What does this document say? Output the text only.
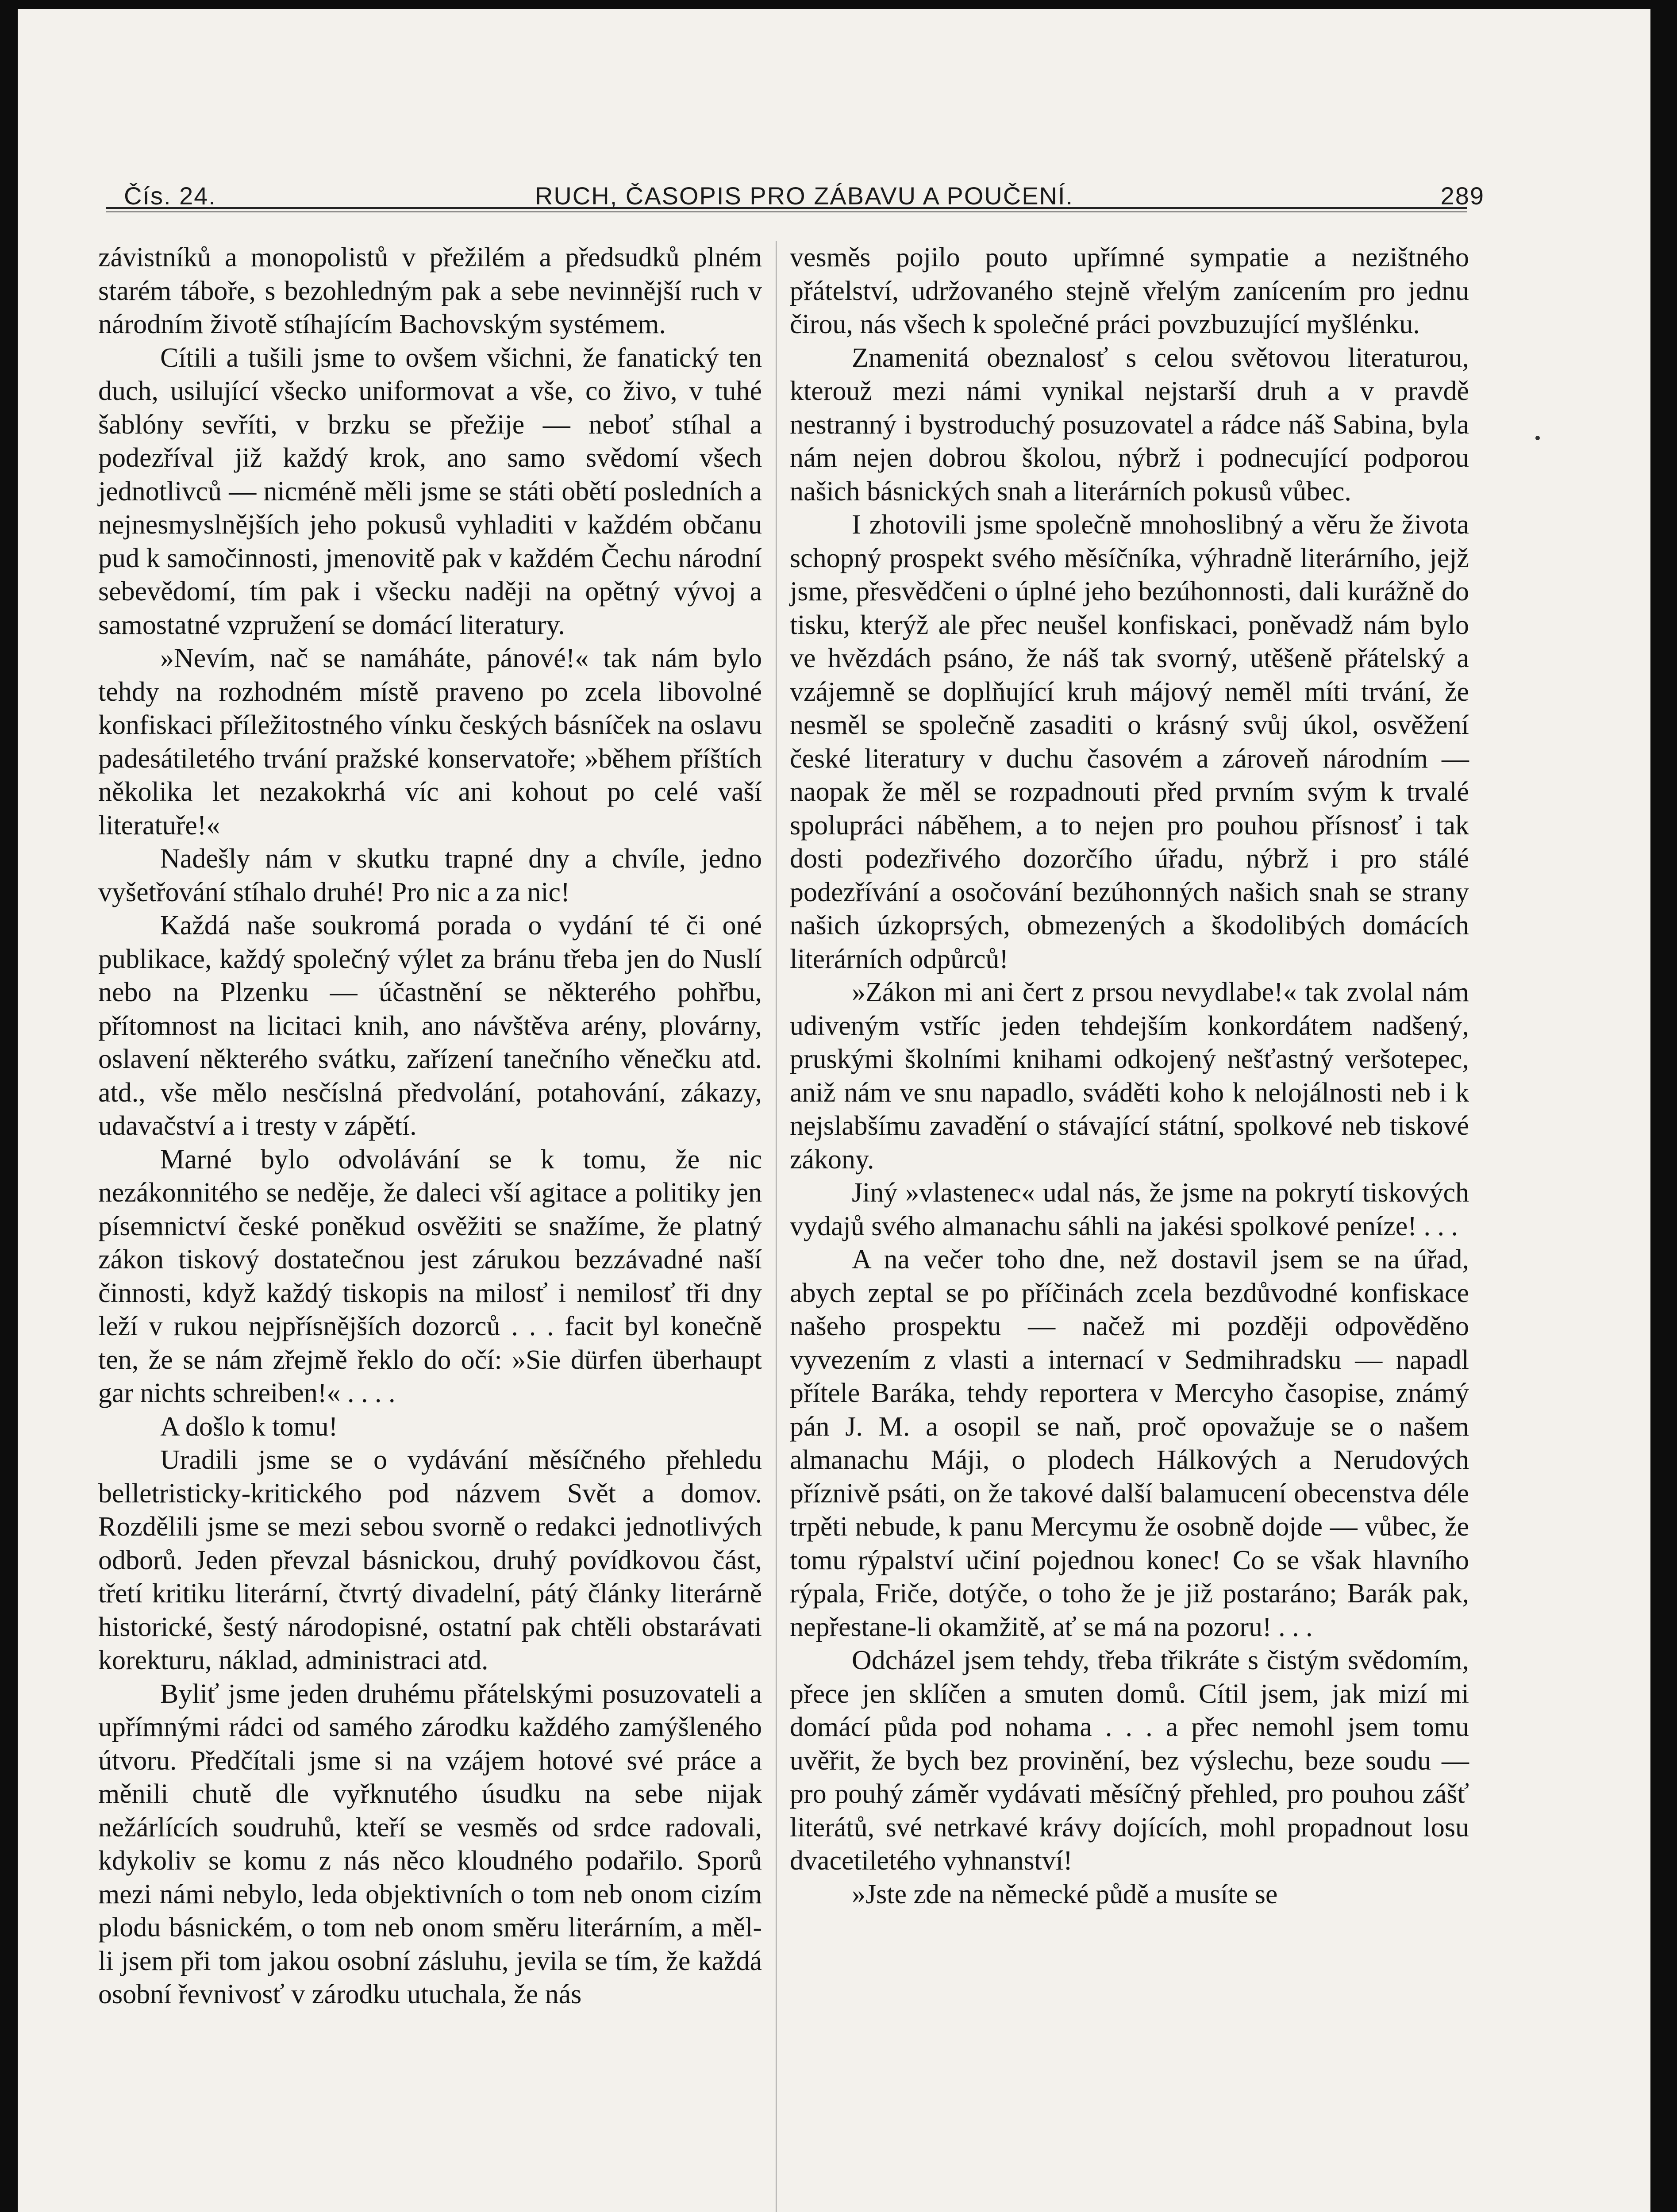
Čís. 24.	RUCH, ČASOPIS PRO ZÁBAVU A POUČENÍ.	289

závistníků a monopolistů v přežilém a předsudků plném starém táboře, s bezohledným pak a sebe nevinnější ruch v národním životě stíhajícím Bachovským systémem.

Cítili a tušili jsme to ovšem všichni, že fanatický ten duch, usilující všecko uniformovat a vše, co živo, v tuhé šablóny sevříti, v brzku se přežije — neboť stíhal a podezříval již každý krok, ano samo svědomí všech jednotlivců — nicméně měli jsme se státi obětí posledních a nejnesmyslnějších jeho pokusů vyhladiti v každém občanu pud k samočinnosti, jmenovitě pak v každém Čechu národní sebevědomí, tím pak i všecku naději na opětný vývoj a samostatné vzpružení se domácí literatury.

»Nevím, nač se namáháte, pánové!« tak nám bylo tehdy na rozhodném místě praveno po zcela libovolné konfiskaci příležitostného vínku českých básníček na oslavu padesátiletého trvání pražské konservatoře; »během příštích několika let nezakokrhá víc ani kohout po celé vaší literatuře!«

Nadešly nám v skutku trapné dny a chvíle, jedno vyšetřování stíhalo druhé! Pro nic a za nic!

Každá naše soukromá porada o vydání té či oné publikace, každý společný výlet za bránu třeba jen do Nuslí nebo na Plzenku — účastnění se některého pohřbu, přítomnost na licitaci knih, ano návštěva arény, plovárny, oslavení některého svátku, zařízení tanečního věnečku atd. atd., vše mělo nesčíslná předvolání, potahování, zákazy, udavačství a i tresty v zápětí.

Marné bylo odvolávání se k tomu, že nic nezákonnitého se neděje, že daleci vší agitace a politiky jen písemnictví české poněkud osvěžiti se snažíme, že platný zákon tiskový dostatečnou jest zárukou bezzávadné naší činnosti, když každý tiskopis na milosť i nemilosť tři dny leží v rukou nejpřísnějších dozorců . . . facit byl konečně ten, že se nám zřejmě řeklo do očí: »Sie dürfen überhaupt gar nichts schreiben!« . . . .

A došlo k tomu!

Uradili jsme se o vydávání měsíčného přehledu belletristicky-kritického pod názvem Svět a domov. Rozdělili jsme se mezi sebou svorně o redakci jednotlivých odborů. Jeden převzal básnickou, druhý povídkovou část, třetí kritiku literární, čtvrtý divadelní, pátý články literárně historické, šestý národopisné, ostatní pak chtěli obstarávati korekturu, náklad, administraci atd.

Byliť jsme jeden druhému přátelskými posuzovateli a upřímnými rádci od samého zárodku každého zamýšleného útvoru. Předčítali jsme si na vzájem hotové své práce a měnili chutě dle vyřknutého úsudku na sebe nijak nežárlících soudruhů, kteří se vesměs od srdce radovali, kdykoliv se komu z nás něco kloudného podařilo. Sporů mezi námi nebylo, leda objektivních o tom neb onom cizím plodu básnickém, o tom neb onom směru literárním, a měl-li jsem při tom jakou osobní zásluhu, jevila se tím, že každá osobní řevnivosť v zárodku utuchala, že nás

vesměs pojilo pouto upřímné sympatie a nezištného přátelství, udržovaného stejně vřelým zanícením pro jednu čirou, nás všech k společné práci povzbuzující myšlénku.

Znamenitá obeznalosť s celou světovou literaturou, kterouž mezi námi vynikal nejstarší druh a v pravdě nestranný i bystroduchý posuzovatel a rádce náš Sabina, byla nám nejen dobrou školou, nýbrž i podnecující podporou našich básnických snah a literárních pokusů vůbec.

I zhotovili jsme společně mnohoslibný a věru že života schopný prospekt svého měsíčníka, výhradně literárního, jejž jsme, přesvědčeni o úplné jeho bezúhonnosti, dali kurážně do tisku, kterýž ale přec neušel konfiskaci, poněvadž nám bylo ve hvězdách psáno, že náš tak svorný, utěšeně přátelský a vzájemně se doplňující kruh májový neměl míti trvání, že nesměl se společně zasaditi o krásný svůj úkol, osvěžení české literatury v duchu časovém a zároveň národním — naopak že měl se rozpadnouti před prvním svým k trvalé spolupráci náběhem, a to nejen pro pouhou přísnosť i tak dosti podezřivého dozorčího úřadu, nýbrž i pro stálé podezřívání a osočování bezúhonných našich snah se strany našich úzkoprsých, obmezených a škodolibých domácích literárních odpůrců!

»Zákon mi ani čert z prsou nevydlabe!« tak zvolal nám udiveným vstříc jeden tehdejším konkordátem nadšený, pruskými školními knihami odkojený nešťastný veršotepec, aniž nám ve snu napadlo, sváděti koho k nelojálnosti neb i k nejslabšímu zavadění o stávající státní, spolkové neb tiskové zákony.

Jiný »vlastenec« udal nás, že jsme na pokrytí tiskových vydajů svého almanachu sáhli na jakési spolkové peníze! . . .

A na večer toho dne, než dostavil jsem se na úřad, abych zeptal se po příčinách zcela bezdůvodné konfiskace našeho prospektu — načež mi později odpověděno vyvezením z vlasti a internací v Sedmihradsku — napadl přítele Baráka, tehdy reportera v Mercyho časopise, známý pán J. M. a osopil se naň, proč opovažuje se o našem almanachu Máji, o plodech Hálkových a Nerudových příznivě psáti, on že takové další balamucení obecenstva déle trpěti nebude, k panu Mercymu že osobně dojde — vůbec, že tomu rýpalství učiní pojednou konec! Co se však hlavního rýpala, Friče, dotýče, o toho že je již postaráno; Barák pak, nepřestane-li okamžitě, ať se má na pozoru! . . .

Odcházel jsem tehdy, třeba třikráte s čistým svědomím, přece jen sklíčen a smuten domů. Cítil jsem, jak mizí mi domácí půda pod nohama . . . a přec nemohl jsem tomu uvěřit, že bych bez provinění, bez výslechu, beze soudu — pro pouhý záměr vydávati měsíčný přehled, pro pouhou zášť literátů, své netrkavé krávy dojících, mohl propadnout losu dvacetiletého vyhnanství!

»Jste zde na německé půdě a musíte se
